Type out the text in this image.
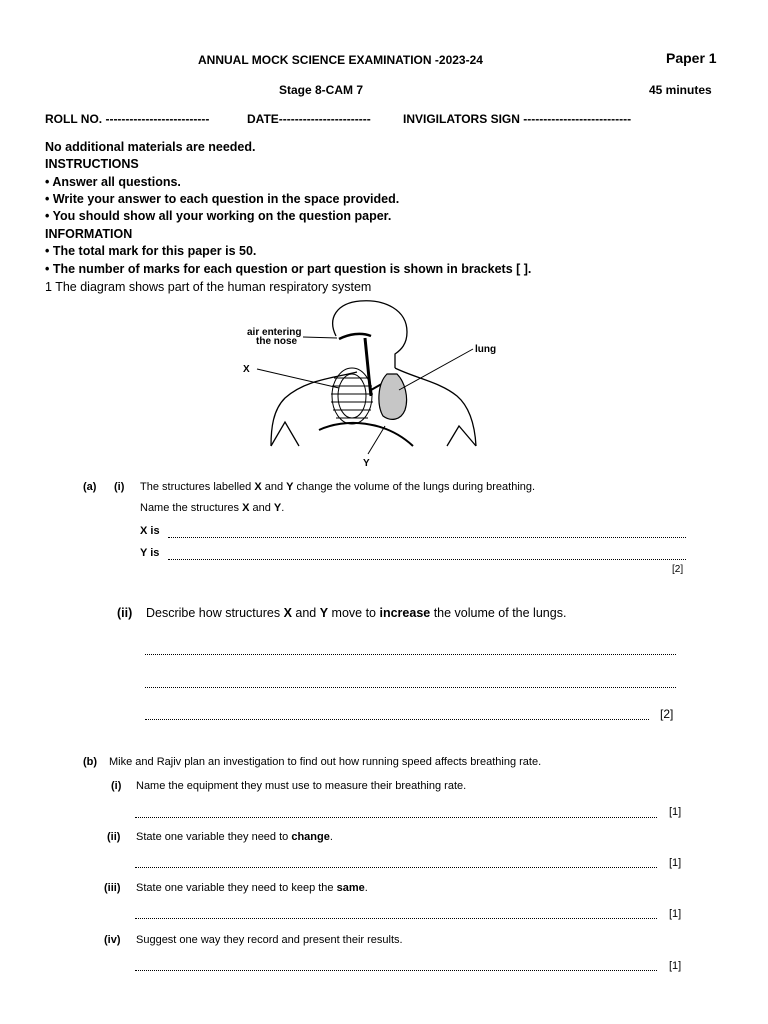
ANNUAL MOCK SCIENCE EXAMINATION -2023-24	Paper 1
Stage 8-CAM 7	45 minutes
ROLL NO. --------------------------	DATE-----------------------	INVIGILATORS SIGN ---------------------------
No additional materials are needed.
INSTRUCTIONS
• Answer all questions.
• Write your answer to each question in the space provided.
• You should show all your working on the question paper.
INFORMATION
• The total mark for this paper is 50.
• The number of marks for each question or part question is shown in brackets [ ].
1 The diagram shows part of the human respiratory system
air entering
the nose
lung
X
Y
(a) (i) The structures labelled X and Y change the volume of the lungs during breathing.
Name the structures X and Y.
X is
Y is
[2]
(ii) Describe how structures X and Y move to increase the volume of the lungs.
[2]
(b) Mike and Rajiv plan an investigation to find out how running speed affects breathing rate.
(i) Name the equipment they must use to measure their breathing rate.
[1]
(ii) State one variable they need to change.
[1]
(iii) State one variable they need to keep the same.
[1]
(iv) Suggest one way they record and present their results.
[1]
